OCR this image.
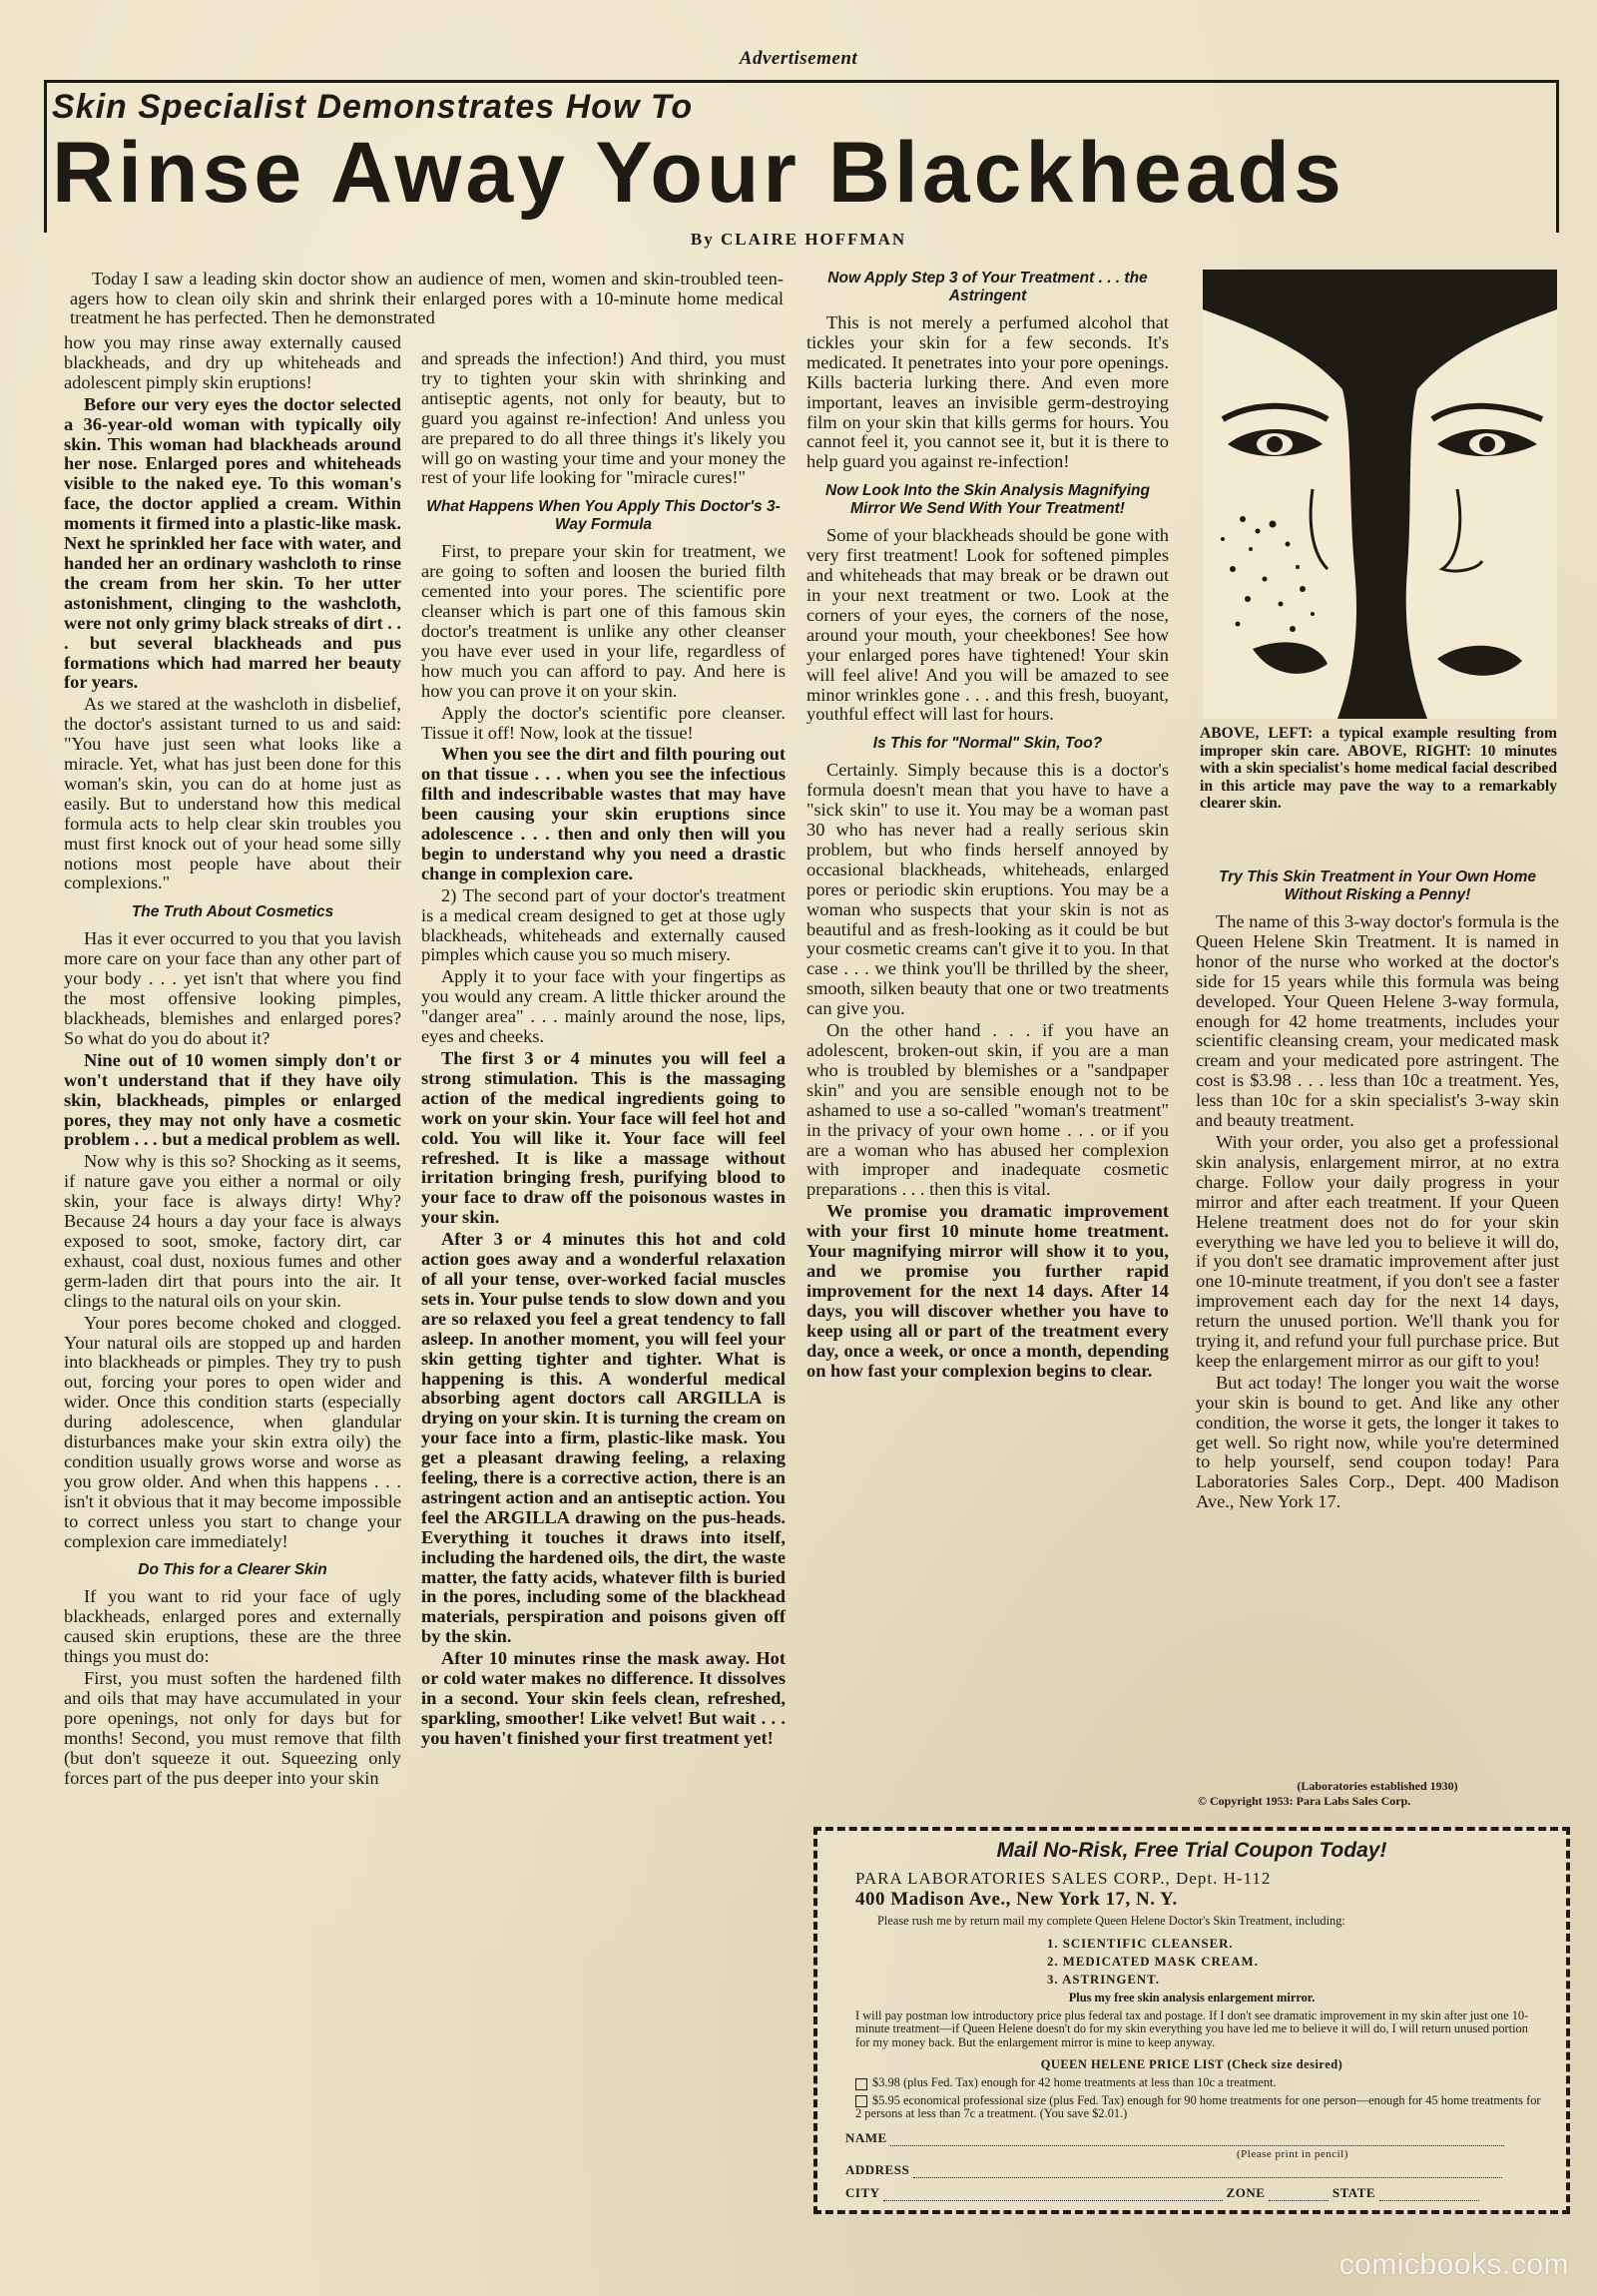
Advertisement
Skin Specialist Demonstrates How To
Rinse Away Your Blackheads
By CLAIRE HOFFMAN

Today I saw a leading skin doctor show an audience of men, women and skin-troubled teen-agers how to clean oily skin and shrink their enlarged pores with a 10-minute home medical treatment he has perfected. Then he demonstrated

how you may rinse away externally caused blackheads, and dry up whiteheads and adolescent pimply skin eruptions!

Before our very eyes the doctor selected a 36-year-old woman with typically oily skin. This woman had blackheads around her nose. Enlarged pores and whiteheads visible to the naked eye. To this woman's face, the doctor applied a cream. Within moments it firmed into a plastic-like mask. Next he sprinkled her face with water, and handed her an ordinary washcloth to rinse the cream from her skin. To her utter astonishment, clinging to the washcloth, were not only grimy black streaks of dirt . . . but several blackheads and pus formations which had marred her beauty for years.

As we stared at the washcloth in disbelief, the doctor's assistant turned to us and said: "You have just seen what looks like a miracle. Yet, what has just been done for this woman's skin, you can do at home just as easily. But to understand how this medical formula acts to help clear skin troubles you must first knock out of your head some silly notions most people have about their complexions."

The Truth About Cosmetics

Has it ever occurred to you that you lavish more care on your face than any other part of your body . . . yet isn't that where you find the most offensive looking pimples, blackheads, blemishes and enlarged pores? So what do you do about it?

Nine out of 10 women simply don't or won't understand that if they have oily skin, blackheads, pimples or enlarged pores, they may not only have a cosmetic problem . . . but a medical problem as well.

Now why is this so? Shocking as it seems, if nature gave you either a normal or oily skin, your face is always dirty! Why? Because 24 hours a day your face is always exposed to soot, smoke, factory dirt, car exhaust, coal dust, noxious fumes and other germ-laden dirt that pours into the air. It clings to the natural oils on your skin.

Your pores become choked and clogged. Your natural oils are stopped up and harden into blackheads or pimples. They try to push out, forcing your pores to open wider and wider. Once this condition starts (especially during adolescence, when glandular disturbances make your skin extra oily) the condition usually grows worse and worse as you grow older. And when this happens . . . isn't it obvious that it may become impossible to correct unless you start to change your complexion care immediately!

Do This for a Clearer Skin

If you want to rid your face of ugly blackheads, enlarged pores and externally caused skin eruptions, these are the three things you must do:

First, you must soften the hardened filth and oils that may have accumulated in your pore openings, not only for days but for months! Second, you must remove that filth (but don't squeeze it out. Squeezing only forces part of the pus deeper into your skin

and spreads the infection!) And third, you must try to tighten your skin with shrinking and antiseptic agents, not only for beauty, but to guard you against re-infection! And unless you are prepared to do all three things it's likely you will go on wasting your time and your money the rest of your life looking for "miracle cures!"

What Happens When You Apply This Doctor's 3-Way Formula

First, to prepare your skin for treatment, we are going to soften and loosen the buried filth cemented into your pores. The scientific pore cleanser which is part one of this famous skin doctor's treatment is unlike any other cleanser you have ever used in your life, regardless of how much you can afford to pay. And here is how you can prove it on your skin.

Apply the doctor's scientific pore cleanser. Tissue it off! Now, look at the tissue!

When you see the dirt and filth pouring out on that tissue . . . when you see the infectious filth and indescribable wastes that may have been causing your skin eruptions since adolescence . . . then and only then will you begin to understand why you need a drastic change in complexion care.

2) The second part of your doctor's treatment is a medical cream designed to get at those ugly blackheads, whiteheads and externally caused pimples which cause you so much misery.

Apply it to your face with your fingertips as you would any cream. A little thicker around the "danger area" . . . mainly around the nose, lips, eyes and cheeks.

The first 3 or 4 minutes you will feel a strong stimulation. This is the massaging action of the medical ingredients going to work on your skin. Your face will feel hot and cold. You will like it. Your face will feel refreshed. It is like a massage without irritation bringing fresh, purifying blood to your face to draw off the poisonous wastes in your skin.

After 3 or 4 minutes this hot and cold action goes away and a wonderful relaxation of all your tense, over-worked facial muscles sets in. Your pulse tends to slow down and you are so relaxed you feel a great tendency to fall asleep. In another moment, you will feel your skin getting tighter and tighter. What is happening is this. A wonderful medical absorbing agent doctors call ARGILLA is drying on your skin. It is turning the cream on your face into a firm, plastic-like mask. You get a pleasant drawing feeling, a relaxing feeling, there is a corrective action, there is an astringent action and an antiseptic action. You feel the ARGILLA drawing on the pus-heads. Everything it touches it draws into itself, including the hardened oils, the dirt, the waste matter, the fatty acids, whatever filth is buried in the pores, including some of the blackhead materials, perspiration and poisons given off by the skin.

After 10 minutes rinse the mask away. Hot or cold water makes no difference. It dissolves in a second. Your skin feels clean, refreshed, sparkling, smoother! Like velvet! But wait . . . you haven't finished your first treatment yet!

Now Apply Step 3 of Your Treatment . . . the Astringent

This is not merely a perfumed alcohol that tickles your skin for a few seconds. It's medicated. It penetrates into your pore openings. Kills bacteria lurking there. And even more important, leaves an invisible germ-destroying film on your skin that kills germs for hours. You cannot feel it, you cannot see it, but it is there to help guard you against re-infection!

Now Look Into the Skin Analysis Magnifying Mirror We Send With Your Treatment!

Some of your blackheads should be gone with very first treatment! Look for softened pimples and whiteheads that may break or be drawn out in your next treatment or two. Look at the corners of your eyes, the corners of the nose, around your mouth, your cheekbones! See how your enlarged pores have tightened! Your skin will feel alive! And you will be amazed to see minor wrinkles gone . . . and this fresh, buoyant, youthful effect will last for hours.

Is This for "Normal" Skin, Too?

Certainly. Simply because this is a doctor's formula doesn't mean that you have to have a "sick skin" to use it. You may be a woman past 30 who has never had a really serious skin problem, but who finds herself annoyed by occasional blackheads, whiteheads, enlarged pores or periodic skin eruptions. You may be a woman who suspects that your skin is not as beautiful and as fresh-looking as it could be but your cosmetic creams can't give it to you. In that case . . . we think you'll be thrilled by the sheer, smooth, silken beauty that one or two treatments can give you.

On the other hand . . . if you have an adolescent, broken-out skin, if you are a man who is troubled by blemishes or a "sandpaper skin" and you are sensible enough not to be ashamed to use a so-called "woman's treatment" in the privacy of your own home . . . or if you are a woman who has abused her complexion with improper and inadequate cosmetic preparations . . . then this is vital.

We promise you dramatic improvement with your first 10 minute home treatment. Your magnifying mirror will show it to you, and we promise you further rapid improvement for the next 14 days. After 14 days, you will discover whether you have to keep using all or part of the treatment every day, once a week, or once a month, depending on how fast your complexion begins to clear.

ABOVE, LEFT: a typical example resulting from improper skin care. ABOVE, RIGHT: 10 minutes with a skin specialist's home medical facial described in this article may pave the way to a remarkably clearer skin.
Try This Skin Treatment in Your Own Home Without Risking a Penny!

The name of this 3-way doctor's formula is the Queen Helene Skin Treatment. It is named in honor of the nurse who worked at the doctor's side for 15 years while this formula was being developed. Your Queen Helene 3-way formula, enough for 42 home treatments, includes your scientific cleansing cream, your medicated mask cream and your medicated pore astringent. The cost is $3.98 . . . less than 10c a treatment. Yes, less than 10c for a skin specialist's 3-way skin and beauty treatment.

With your order, you also get a professional skin analysis, enlargement mirror, at no extra charge. Follow your daily progress in your mirror and after each treatment. If your Queen Helene treatment does not do for your skin everything we have led you to believe it will do, if you don't see dramatic improvement after just one 10-minute treatment, if you don't see a faster improvement each day for the next 14 days, return the unused portion. We'll thank you for trying it, and refund your full purchase price. But keep the enlargement mirror as our gift to you!

But act today! The longer you wait the worse your skin is bound to get. And like any other condition, the worse it gets, the longer it takes to get well. So right now, while you're determined to help yourself, send coupon today! Para Laboratories Sales Corp., Dept. 400 Madison Ave., New York 17.

(Laboratories established 1930)
© Copyright 1953: Para Labs Sales Corp.
Mail No-Risk, Free Trial Coupon Today!
PARA LABORATORIES SALES CORP., Dept. H-112
400 Madison Ave., New York 17, N. Y.
Please rush me by return mail my complete Queen Helene Doctor's Skin Treatment, including:
1. SCIENTIFIC CLEANSER.
2. MEDICATED MASK CREAM.
3. ASTRINGENT.
Plus my free skin analysis enlargement mirror.
I will pay postman low introductory price plus federal tax and postage. If I don't see dramatic improvement in my skin after just one 10-minute treatment—if Queen Helene doesn't do for my skin everything you have led me to believe it will do, I will return unused portion for my money back. But the enlargement mirror is mine to keep anyway.
QUEEN HELENE PRICE LIST (Check size desired)
$3.98 (plus Fed. Tax) enough for 42 home treatments at less than 10c a treatment.
$5.95 economical professional size (plus Fed. Tax) enough for 90 home treatments for one person—enough for 45 home treatments for 2 persons at less than 7c a treatment. (You save $2.01.)
NAME
(Please print in pencil)
ADDRESS
CITY	ZONE	STATE
comicbooks.com
